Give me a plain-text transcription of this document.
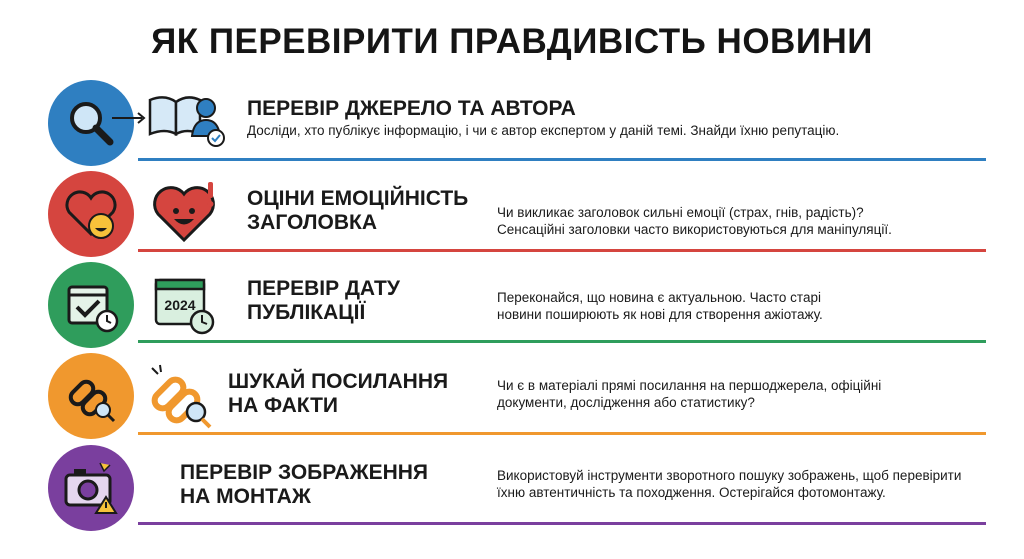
ЯК ПЕРЕВІРИТИ ПРАВДИВІСТЬ НОВИНИ
ПЕРЕВІР ДЖЕРЕЛО ТА АВТОРА
Досліди, хто публікує інформацію, і чи є автор експертом у даній темі. Знайди їхню репутацію.
ОЦІНИ ЕМОЦІЙНІСТЬ
ЗАГОЛОВКА	Чи викликає заголовок сильні емоції (страх, гнів, радість)?
Сенсаційні заголовки часто використовуються для маніпуляції.
2024
ПЕРЕВІР ДАТУ
ПУБЛІКАЦІЇ
Переконайся, що новина є актуальною. Часто старі
новини поширюють як нові для створення ажіотажу.
ШУКАЙ ПОСИЛАННЯ
НА ФАКТИ
Чи є в матеріалі прямі посилання на першоджерела, офіційні
документи, дослідження або статистику?
ПЕРЕВІР ЗОБРАЖЕННЯ
НА МОНТАЖ
Використовуй інструменти зворотного пошуку зображень, щоб перевірити
їхню автентичність та походження. Остерігайся фотомонтажу.
